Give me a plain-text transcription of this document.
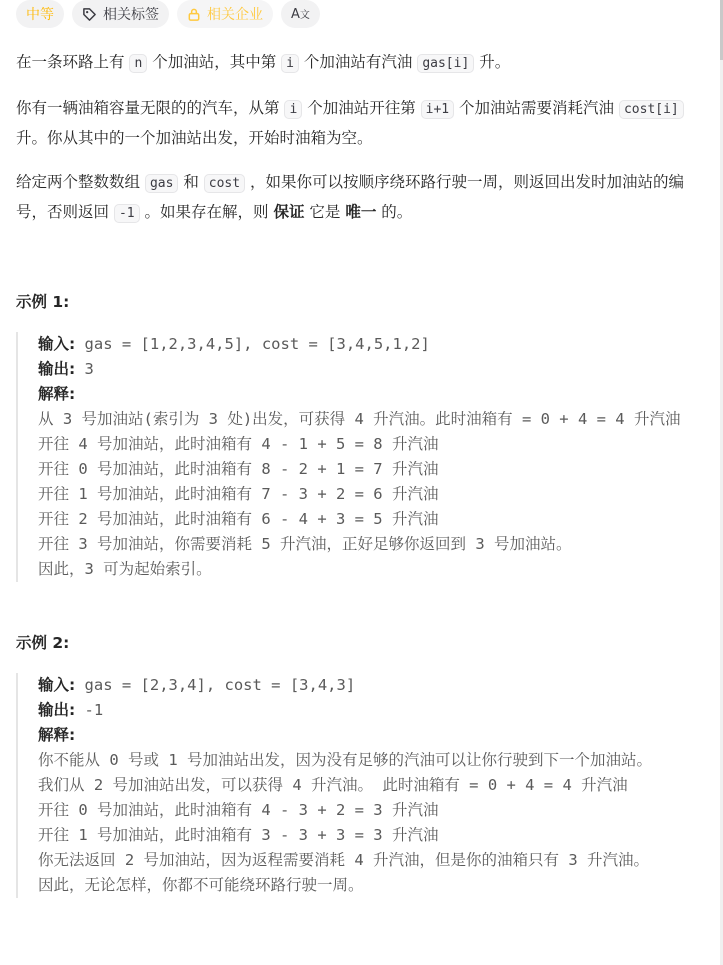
中等	相关标签	相关企业 A文

在一条环路上有 n 个加油站，其中第 i 个加油站有汽油 gas[i] 升。

你有一辆油箱容量无限的的汽车，从第 i 个加油站开往第 i+1 个加油站需要消耗汽油 cost[i] 升。你从其中的一个加油站出发，开始时油箱为空。

给定两个整数数组 gas 和 cost ，如果你可以按顺序绕环路行驶一周，则返回出发时加油站的编号，否则返回 -1 。如果存在解，则 保证 它是 唯一 的。

示例 1:
输入: gas = [1,2,3,4,5], cost = [3,4,5,1,2]
输出: 3
解释:
从 3 号加油站(索引为 3 处)出发，可获得 4 升汽油。此时油箱有 = 0 + 4 = 4 升汽油
开往 4 号加油站，此时油箱有 4 - 1 + 5 = 8 升汽油
开往 0 号加油站，此时油箱有 8 - 2 + 1 = 7 升汽油
开往 1 号加油站，此时油箱有 7 - 3 + 2 = 6 升汽油
开往 2 号加油站，此时油箱有 6 - 4 + 3 = 5 升汽油
开往 3 号加油站，你需要消耗 5 升汽油，正好足够你返回到 3 号加油站。
因此，3 可为起始索引。
示例 2:
输入: gas = [2,3,4], cost = [3,4,3]
输出: -1
解释:
你不能从 0 号或 1 号加油站出发，因为没有足够的汽油可以让你行驶到下一个加油站。
我们从 2 号加油站出发，可以获得 4 升汽油。 此时油箱有 = 0 + 4 = 4 升汽油
开往 0 号加油站，此时油箱有 4 - 3 + 2 = 3 升汽油
开往 1 号加油站，此时油箱有 3 - 3 + 3 = 3 升汽油
你无法返回 2 号加油站，因为返程需要消耗 4 升汽油，但是你的油箱只有 3 升汽油。
因此，无论怎样，你都不可能绕环路行驶一周。
